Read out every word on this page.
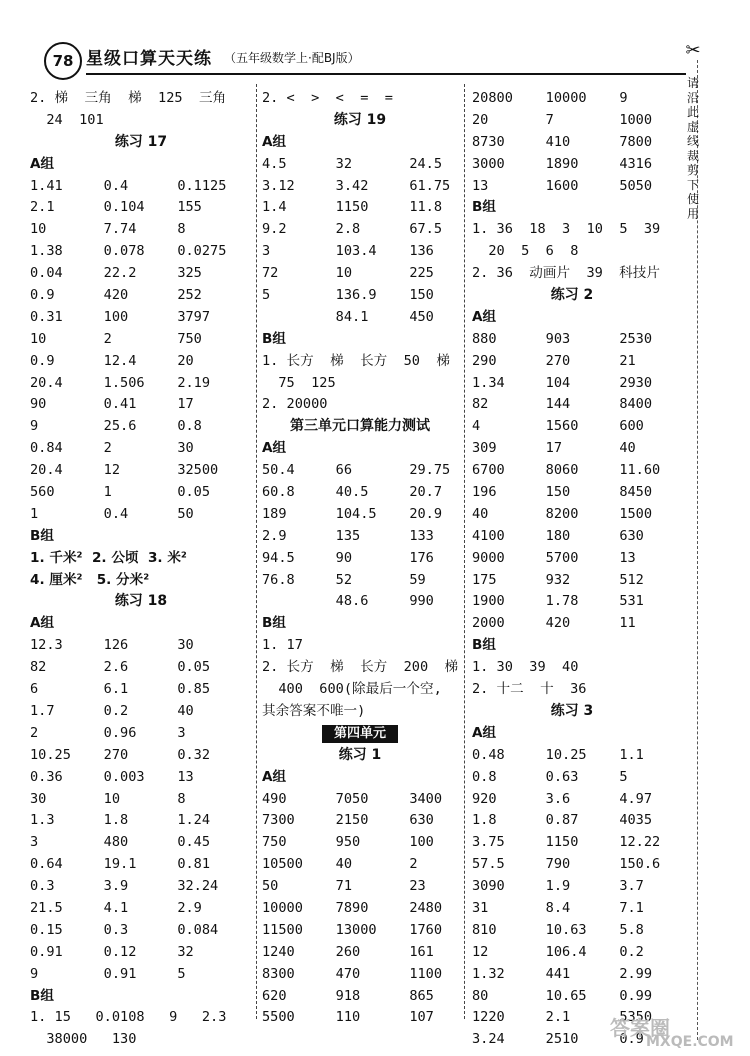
78 星级口算天天练 （五年级数学上·配BJ版）
2. 梯  三角  梯  125  三角
24  101
练习 17
A组
1.41     0.4      0.1125
2.1      0.104    155
10       7.74     8
1.38     0.078    0.0275
0.04     22.2     325
0.9      420      252
0.31     100      3797
10       2        750
0.9      12.4     20
20.4     1.506    2.19
90       0.41     17
9        25.6     0.8
0.84     2        30
20.4     12       32500
560      1        0.05
1        0.4      50
B组
1. 千米²  2. 公顷  3. 米²
4. 厘米²   5. 分米²
练习 18
A组
12.3     126      30
82       2.6      0.05
6        6.1      0.85
1.7      0.2      40
2        0.96     3
10.25    270      0.32
0.36     0.003    13
30       10       8
1.3      1.8      1.24
3        480      0.45
0.64     19.1     0.81
0.3      3.9      32.24
21.5     4.1      2.9
0.15     0.3      0.084
0.91     0.12     32
9        0.91     5
B组
1. 15   0.0108   9   2.3
38000   130
2. <  >  <  =  =
练习 19
A组
4.5      32       24.5
3.12     3.42     61.75
1.4      1150     11.8
9.2      2.8      67.5
3        103.4    136
72       10       225
5        136.9    150
84.1     450
B组
1. 长方  梯  长方  50  梯
75  125
2. 20000
第三单元口算能力测试
A组
50.4     66       29.75
60.8     40.5     20.7
189      104.5    20.9
2.9      135      133
94.5     90       176
76.8     52       59
48.6     990
B组
1. 17
2. 长方  梯  长方  200  梯
400  600(除最后一个空,
其余答案不唯一)
第四单元
练习 1
A组
490      7050     3400
7300     2150     630
750      950      100
10500    40       2
50       71       23
10000    7890     2480
11500    13000    1760
1240     260      161
8300     470      1100
620      918      865
5500     110      107
20800    10000    9
20       7        1000
8730     410      7800
3000     1890     4316
13       1600     5050
B组
1. 36  18  3  10  5  39
20  5  6  8
2. 36  动画片  39  科技片
练习 2
A组
880      903      2530
290      270      21
1.34     104      2930
82       144      8400
4        1560     600
309      17       40
6700     8060     11.60
196      150      8450
40       8200     1500
4100     180      630
9000     5700     13
175      932      512
1900     1.78     531
2000     420      11
B组
1. 30  39  40
2. 十二  十  36
练习 3
A组
0.48     10.25    1.1
0.8      0.63     5
920      3.6      4.97
1.8      0.87     4035
3.75     1150     12.22
57.5     790      150.6
3090     1.9      3.7
31       8.4      7.1
810      10.63    5.8
12       106.4    0.2
1.32     441      2.99
80       10.65    0.99
1220     2.1      5350
3.24     2510     0.9
✂
请沿此虚线裁剪下使用
答案圈
MXQE.COM
